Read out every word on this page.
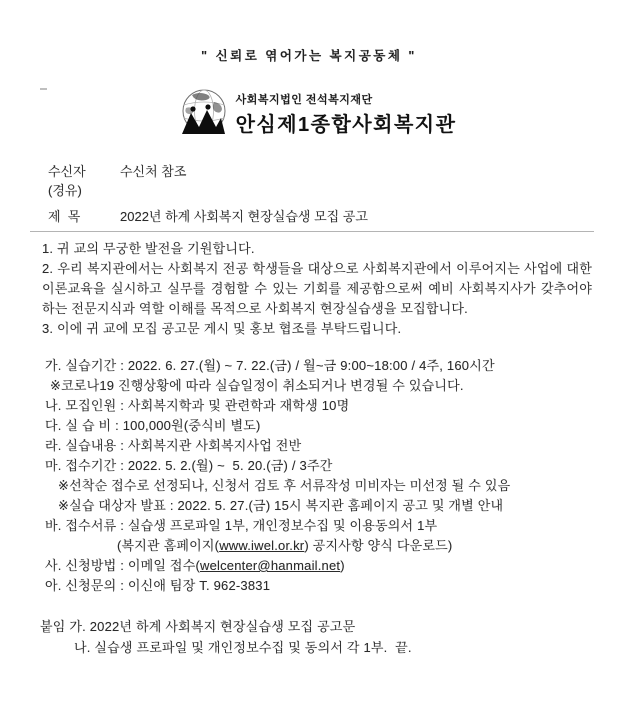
" 신뢰로 엮어가는 복지공동체 "
사회복지법인 전석복지재단
안심제1종합사회복지관
수신자	수신처 참조
(경유)
제  목	2022년 하계 사회복지 현장실습생 모집 공고

1. 귀 교의 무궁한 발전을 기원합니다.

2. 우리 복지관에서는 사회복지 전공 학생들을 대상으로 사회복지관에서 이루어지는 사업에 대한 이론교육을 실시하고 실무를 경험할 수 있는 기회를 제공함으로써 예비 사회복지사가 갖추어야 하는 전문지식과 역할 이해를 목적으로 사회복지 현장실습생을 모집합니다.

3. 이에 귀 교에 모집 공고문 게시 및 홍보 협조를 부탁드립니다.

가. 실습기간 : 2022. 6. 27.(월) ~ 7. 22.(금) / 월~금 9:00~18:00 / 4주, 160시간
※코로나19 진행상황에 따라 실습일정이 취소되거나 변경될 수 있습니다.
나. 모집인원 : 사회복지학과 및 관련학과 재학생 10명
다. 실 습 비 : 100,000원(중식비 별도)
라. 실습내용 : 사회복지관 사회복지사업 전반
마. 접수기간 : 2022. 5. 2.(월) ~  5. 20.(금) / 3주간
※선착순 접수로 선정되나, 신청서 검토 후 서류작성 미비자는 미선정 될 수 있음
※실습 대상자 발표 : 2022. 5. 27.(금) 15시 복지관 홈페이지 공고 및 개별 안내
바. 접수서류 : 실습생 프로파일 1부, 개인정보수집 및 이용동의서 1부
(복지관 홈페이지(www.iwel.or.kr) 공지사항 양식 다운로드)
사. 신청방법 : 이메일 접수(welcenter@hanmail.net)
아. 신청문의 : 이신애 팀장 T. 962-3831
붙임 가. 2022년 하계 사회복지 현장실습생 모집 공고문
나. 실습생 프로파일 및 개인정보수집 및 동의서 각 1부.  끝.
